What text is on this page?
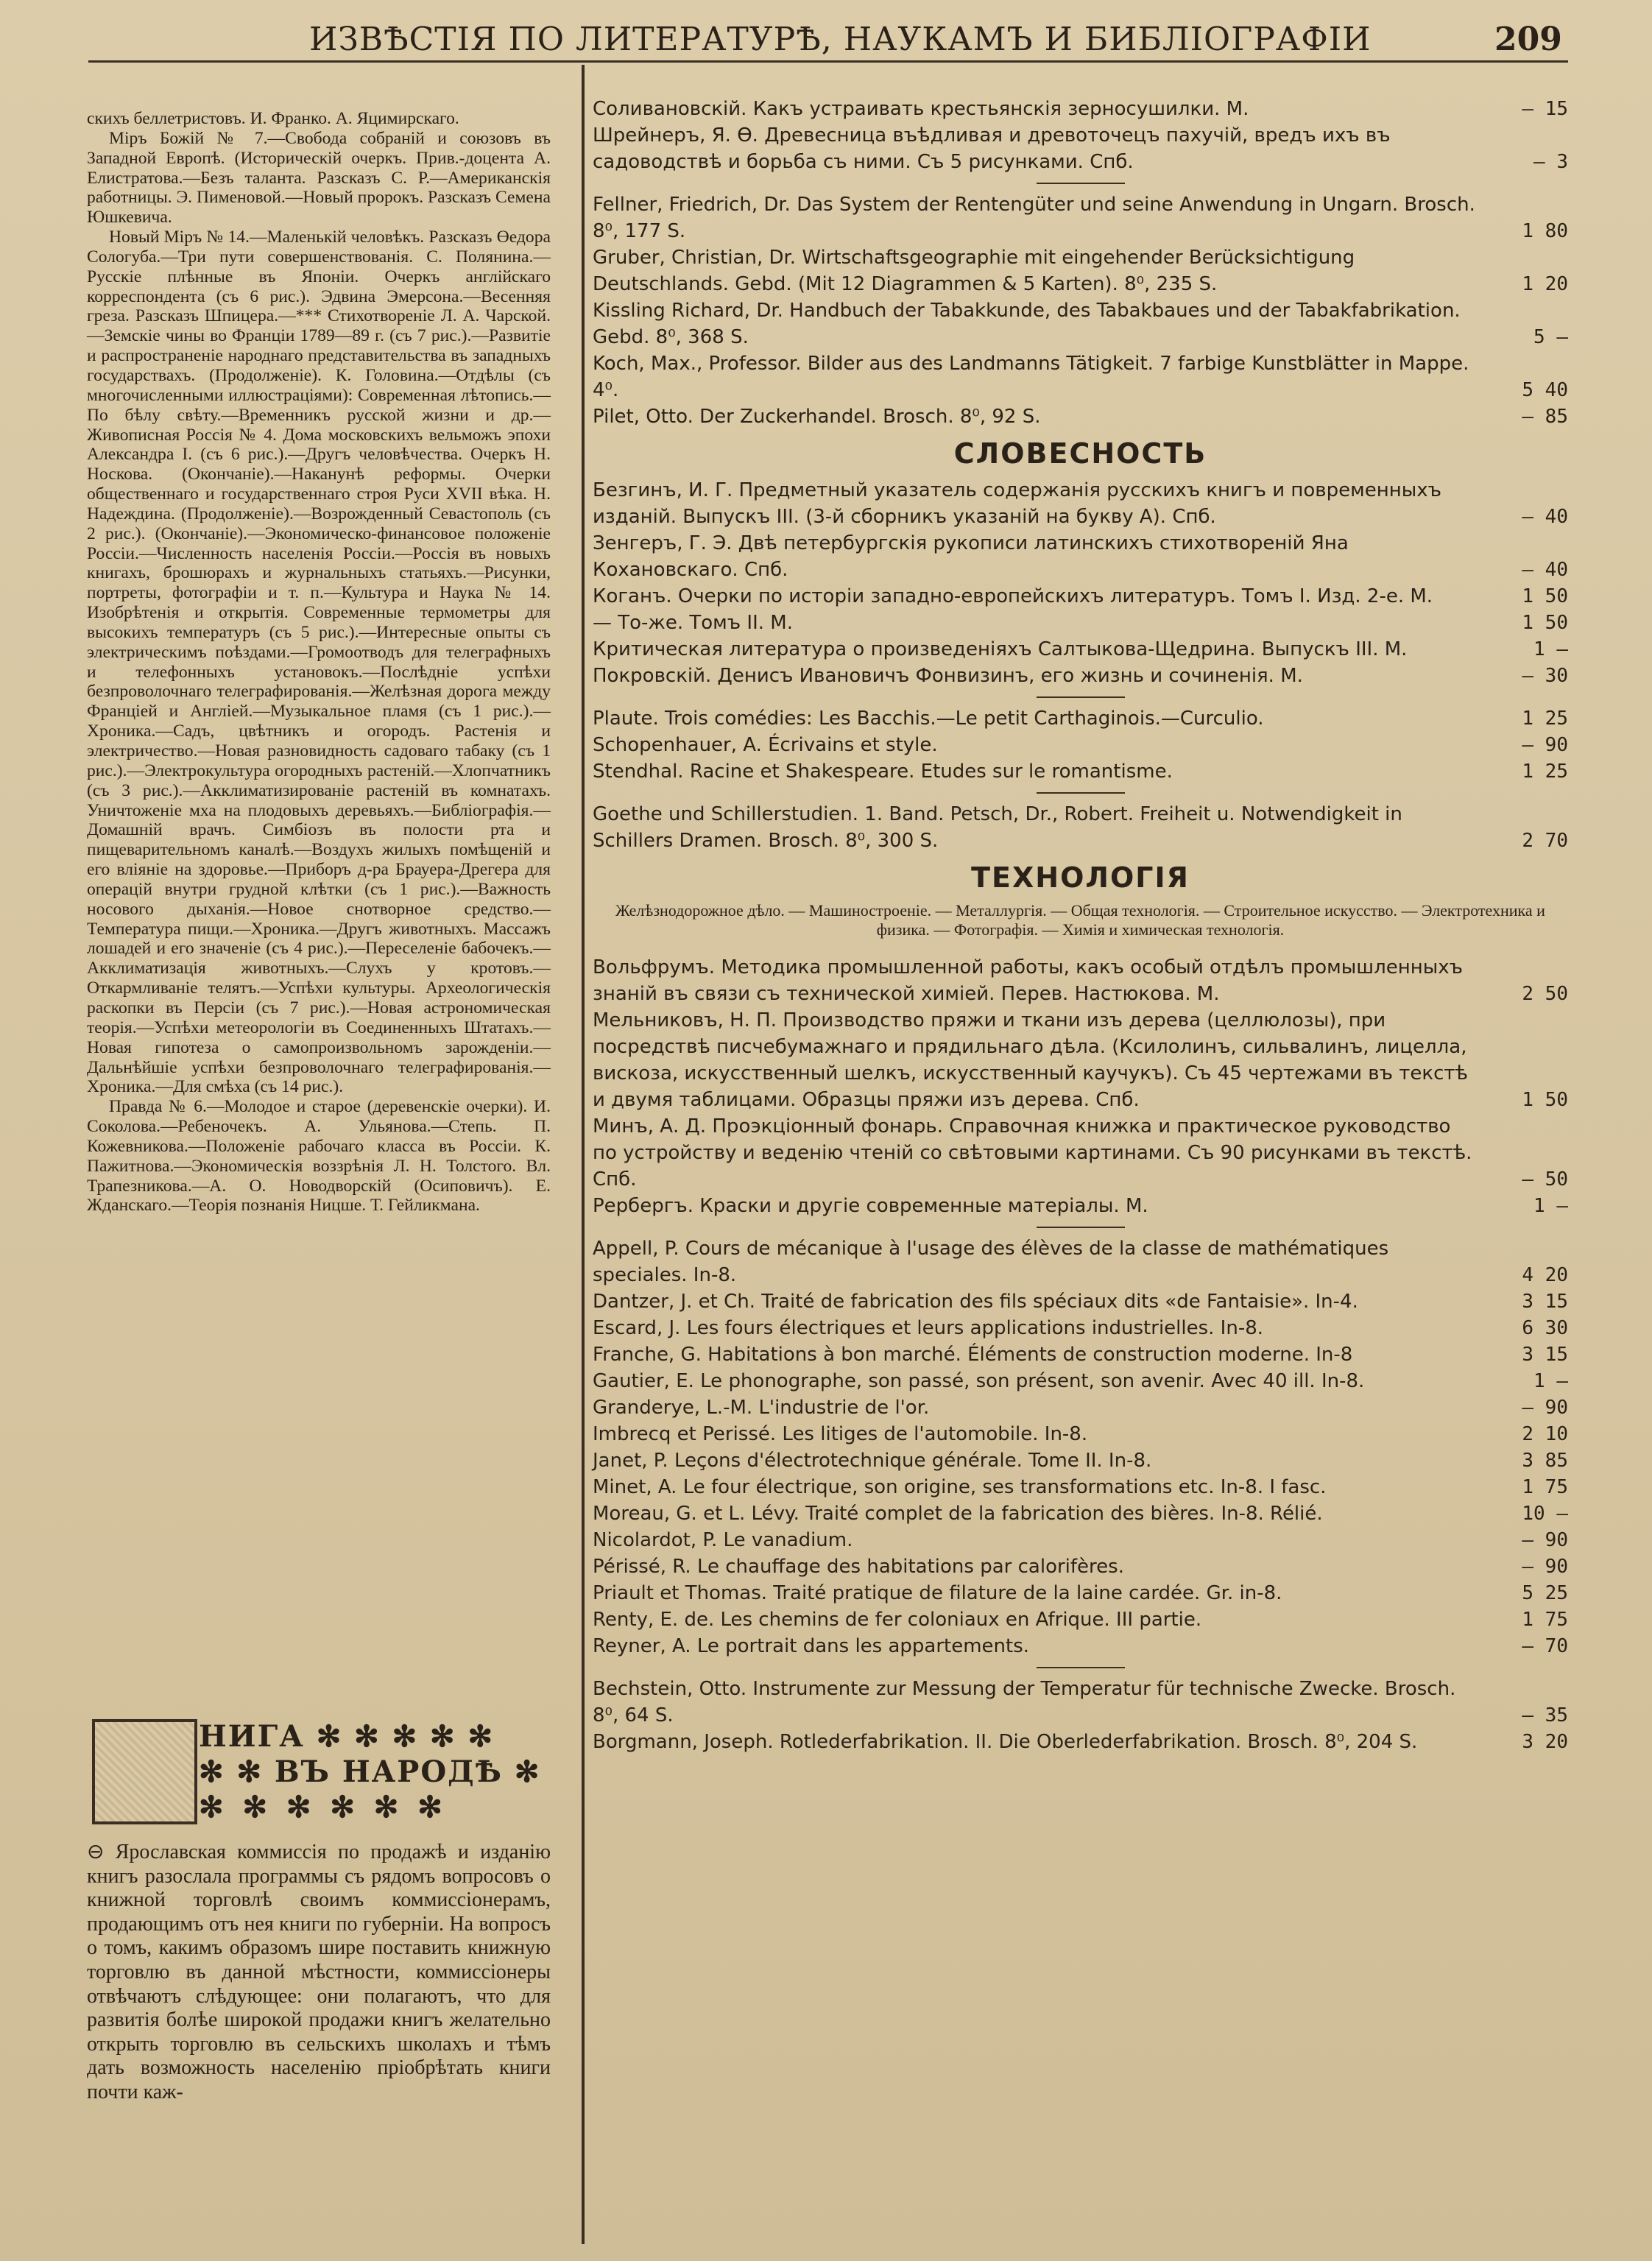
ИЗВѢСТІЯ ПО ЛИТЕРАТУРѢ, НАУКАМЪ И БИБЛІОГРАФІИ	209

скихъ беллетристовъ. И. Франко. А. Яцимирскаго.

Міръ Божій № 7.—Свобода собраній и союзовъ въ Западной Европѣ. (Историческій очеркъ. Прив.-доцента А. Елистратова.—Безъ таланта. Разсказъ С. Р.—Американскія работницы. Э. Пименовой.—Новый пророкъ. Разсказъ Семена Юшкевича.

Новый Міръ № 14.—Маленькій человѣкъ. Разсказъ Өедора Сологуба.—Три пути совершенствованія. С. Полянина.—Русскіе плѣнные въ Японіи. Очеркъ англійскаго корреспондента (съ 6 рис.). Эдвина Эмерсона.—Весенняя греза. Разсказъ Шпицера.—*** Стихотвореніе Л. А. Чарской.—Земскіе чины во Франціи 1789—89 г. (съ 7 рис.).—Развитіе и распространеніе народнаго представительства въ западныхъ государствахъ. (Продолженіе). К. Головина.—Отдѣлы (съ многочисленными иллюстраціями): Современная лѣтопись.—По бѣлу свѣту.—Временникъ русской жизни и др.—Живописная Россія № 4. Дома московскихъ вельможъ эпохи Александра I. (съ 6 рис.).—Другъ человѣчества. Очеркъ Н. Носкова. (Окончаніе).—Наканунѣ реформы. Очерки общественнаго и государственнаго строя Руси XVII вѣка. Н. Надеждина. (Продолженіе).—Возрожденный Севастополь (съ 2 рис.). (Окончаніе).—Экономическо-финансовое положеніе Россіи.—Численность населенія Россіи.—Россія въ новыхъ книгахъ, брошюрахъ и журнальныхъ статьяхъ.—Рисунки, портреты, фотографіи и т. п.—Культура и Наука № 14. Изобрѣтенія и открытія. Современные термометры для высокихъ температуръ (съ 5 рис.).—Интересные опыты съ электрическимъ поѣздами.—Громоотводъ для телеграфныхъ и телефонныхъ установокъ.—Послѣдніе успѣхи безпроволочнаго телеграфированія.—Желѣзная дорога между Франціей и Англіей.—Музыкальное пламя (съ 1 рис.).—Хроника.—Садъ, цвѣтникъ и огородъ. Растенія и электричество.—Новая разновидность садоваго табаку (съ 1 рис.).—Электрокультура огородныхъ растеній.—Хлопчатникъ (съ 3 рис.).—Акклиматизированіе растеній въ комнатахъ. Уничтоженіе мха на плодовыхъ деревьяхъ.—Библіографія.—Домашній врачъ. Симбіозъ въ полости рта и пищеварительномъ каналѣ.—Воздухъ жилыхъ помѣщеній и его вліяніе на здоровье.—Приборъ д-ра Брауера-Дрегера для операцій внутри грудной клѣтки (съ 1 рис.).—Важность носового дыханія.—Новое снотворное средство.—Температура пищи.—Хроника.—Другъ животныхъ. Массажъ лошадей и его значеніе (съ 4 рис.).—Переселеніе бабочекъ.—Акклиматизація животныхъ.—Слухъ у кротовъ.—Откармливаніе телятъ.—Успѣхи культуры. Археологическія раскопки въ Персіи (съ 7 рис.).—Новая астрономическая теорія.—Успѣхи метеорологіи въ Соединенныхъ Штатахъ.—Новая гипотеза о самопроизвольномъ зарожденіи.—Дальнѣйшіе успѣхи безпроволочнаго телеграфированія.—Хроника.—Для смѣха (съ 14 рис.).

Правда № 6.—Молодое и старое (деревенскіе очерки). И. Соколова.—Ребеночекъ. А. Ульянова.—Степь. П. Кожевникова.—Положеніе рабочаго класса въ Россіи. К. Пажитнова.—Экономическія воззрѣнія Л. Н. Толстого. Вл. Трапезникова.—А. О. Новодворскій (Осиповичъ). Е. Жданскаго.—Теорія познанія Ницше. Т. Гейликмана.

НИГА ✻ ✻ ✻ ✻ ✻
✻ ✻ ВЪ НАРОДѢ ✻
✻ ✻ ✻ ✻ ✻ ✻
⊖ Ярославская коммиссія по продажѣ и изданію книгъ разослала программы съ рядомъ вопросовъ о книжной торговлѣ своимъ коммиссіонерамъ, продающимъ отъ нея книги по губерніи. На вопросъ о томъ, какимъ образомъ шире поставить книжную торговлю въ данной мѣстности, коммиссіонеры отвѣчаютъ слѣдующее: они полагаютъ, что для развитія болѣе широкой продажи книгъ желательно открыть торговлю въ сельскихъ школахъ и тѣмъ дать возможность населенію пріобрѣтать книги почти каж-
Соливановскій. Какъ устраивать крестьянскія зерносушилки. М.	— 15
Шрейнеръ, Я. Ө. Древесница въѣдливая и древоточецъ пахучій, вредъ ихъ въ садоводствѣ и борьба съ ними. Съ 5 рисунками. Спб.	— 3
Fellner, Friedrich, Dr. Das System der Rentengüter und seine Anwendung in Ungarn. Brosch. 8⁰, 177 S.	1 80
Gruber, Christian, Dr. Wirtschaftsgeographie mit eingehender Berücksichtigung Deutschlands. Gebd. (Mit 12 Diagrammen & 5 Karten). 8⁰, 235 S.	1 20
Kissling Richard, Dr. Handbuch der Tabakkunde, des Tabakbaues und der Tabakfabrikation. Gebd. 8⁰, 368 S.	5 —
Koch, Max., Professor. Bilder aus des Landmanns Tätigkeit. 7 farbige Kunstblätter in Mappe. 4⁰.	5 40
Pilet, Otto. Der Zuckerhandel. Brosch. 8⁰, 92 S.	— 85
СЛОВЕСНОСТЬ
Безгинъ, И. Г. Предметный указатель содержанія русскихъ книгъ и повременныхъ изданій. Выпускъ III. (3-й сборникъ указаній на букву А). Спб.	— 40
Зенгеръ, Г. Э. Двѣ петербургскія рукописи латинскихъ стихотвореній Яна Кохановскаго. Спб.	— 40
Коганъ. Очерки по исторіи западно-европейскихъ литературъ. Томъ I. Изд. 2-е. М.	1 50
— То-же. Томъ II. М.	1 50
Критическая литература о произведеніяхъ Салтыкова-Щедрина. Выпускъ III. М.	1 —
Покровскій. Денисъ Ивановичъ Фонвизинъ, его жизнь и сочиненія. М.	— 30
Plaute. Trois comédies: Les Bacchis.—Le petit Carthaginois.—Curculio.	1 25
Schopenhauer, A. Écrivains et style.	— 90
Stendhal. Racine et Shakespeare. Etudes sur le romantisme.	1 25
Goethe und Schillerstudien. 1. Band. Petsch, Dr., Robert. Freiheit u. Notwendigkeit in Schillers Dramen. Brosch. 8⁰, 300 S.	2 70
ТЕХНОЛОГІЯ
Желѣзнодорожное дѣло. — Машиностроеніе. — Металлургія. — Общая технологія. — Строительное искусство. — Электротехника и физика. — Фотографія. — Химія и химическая технологія.
Вольфрумъ. Методика промышленной работы, какъ особый отдѣлъ промышленныхъ знаній въ связи съ технической химіей. Перев. Настюкова. М.	2 50
Мельниковъ, Н. П. Производство пряжи и ткани изъ дерева (целлюлозы), при посредствѣ писчебумажнаго и прядильнаго дѣла. (Ксилолинъ, сильвалинъ, лицелла, вискоза, искусственный шелкъ, искусственный каучукъ). Съ 45 чертежами въ текстѣ и двумя таблицами. Образцы пряжи изъ дерева. Спб.	1 50
Минъ, А. Д. Проэкціонный фонарь. Справочная книжка и практическое руководство по устройству и веденію чтеній со свѣтовыми картинами. Съ 90 рисунками въ текстѣ. Спб.	— 50
Рербергъ. Краски и другіе современные матеріалы. М.	1 —
Appell, P. Cours de mécanique à l'usage des élèves de la classe de mathématiques speciales. In-8.	4 20
Dantzer, J. et Ch. Traité de fabrication des fils spéciaux dits «de Fantaisie». In-4.	3 15
Escard, J. Les fours électriques et leurs applications industrielles. In-8.	6 30
Franche, G. Habitations à bon marché. Éléments de construction moderne. In-8	3 15
Gautier, E. Le phonographe, son passé, son présent, son avenir. Avec 40 ill. In-8.	1 —
Granderye, L.-M. L'industrie de l'or.	— 90
Imbrecq et Perissé. Les litiges de l'automobile. In-8.	2 10
Janet, P. Leçons d'électrotechnique générale. Tome II. In-8.	3 85
Minet, A. Le four électrique, son origine, ses transformations etc. In-8. I fasc.	1 75
Moreau, G. et L. Lévy. Traité complet de la fabrication des bières. In-8. Rélié.	10 —
Nicolardot, P. Le vanadium.	— 90
Périssé, R. Le chauffage des habitations par calorifères.	— 90
Priault et Thomas. Traité pratique de filature de la laine cardée. Gr. in-8.	5 25
Renty, E. de. Les chemins de fer coloniaux en Afrique. III partie.	1 75
Reyner, A. Le portrait dans les appartements.	— 70
Bechstein, Otto. Instrumente zur Messung der Temperatur für technische Zwecke. Brosch. 8⁰, 64 S.	— 35
Borgmann, Joseph. Rotlederfabrikation. II. Die Oberlederfabrikation. Brosch. 8⁰, 204 S.	3 20
